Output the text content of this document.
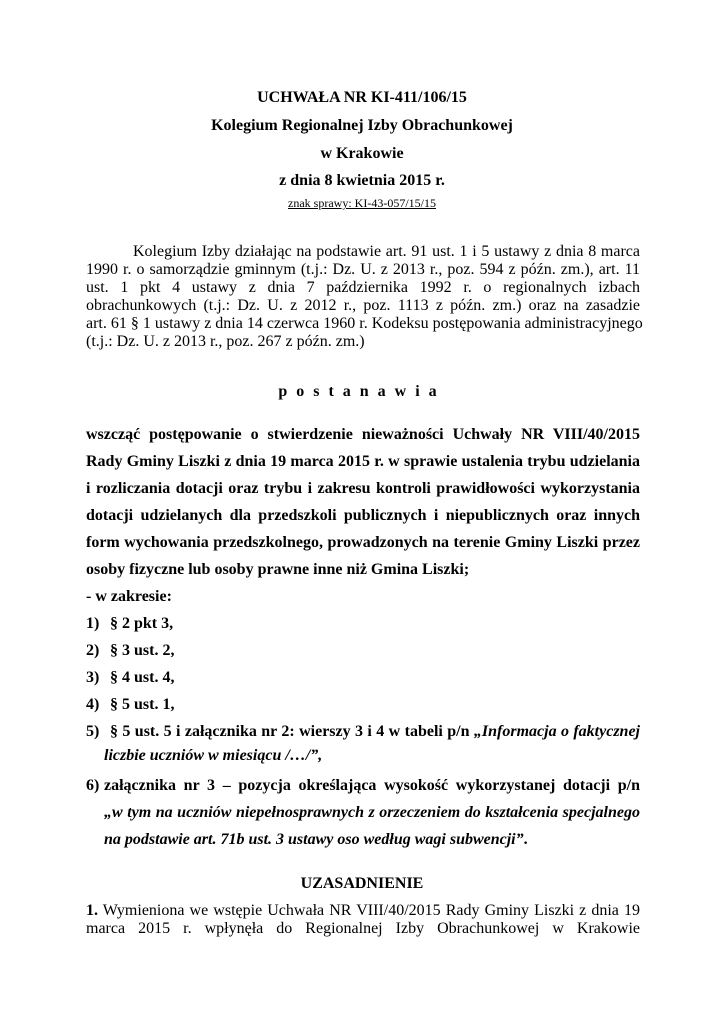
UCHWAŁA NR KI-411/106/15
Kolegium Regionalnej Izby Obrachunkowej
w Krakowie
z dnia 8 kwietnia 2015 r.
znak sprawy: KI-43-057/15/15
Kolegium Izby działając na podstawie art. 91 ust. 1 i 5 ustawy z dnia 8 marca
1990 r. o samorządzie gminnym (t.j.: Dz. U. z 2013 r., poz. 594 z późn. zm.), art. 11
ust. 1 pkt 4 ustawy z dnia 7 października 1992 r. o regionalnych izbach
obrachunkowych (t.j.: Dz. U. z 2012 r., poz. 1113 z późn. zm.) oraz na zasadzie
art. 61 § 1 ustawy z dnia 14 czerwca 1960 r. Kodeksu postępowania administracyjnego
(t.j.: Dz. U. z 2013 r., poz. 267 z późn. zm.)
postanawia
wszcząć postępowanie o stwierdzenie nieważności Uchwały NR VIII/40/2015
Rady Gminy Liszki z dnia 19 marca 2015 r. w sprawie ustalenia trybu udzielania
i rozliczania dotacji oraz trybu i zakresu kontroli prawidłowości wykorzystania
dotacji udzielanych dla przedszkoli publicznych i niepublicznych oraz innych
form wychowania przedszkolnego, prowadzonych na terenie Gminy Liszki przez
osoby fizyczne lub osoby prawne inne niż Gmina Liszki;
- w zakresie:
1) § 2 pkt 3,
2) § 3 ust. 2,
3) § 4 ust. 4,
4) § 5 ust. 1,
5) § 5 ust. 5 i załącznika nr 2: wierszy 3 i 4 w tabeli p/n „Informacja o faktycznej
liczbie uczniów w miesiącu /…/”,
6) załącznika nr 3 – pozycja określająca wysokość wykorzystanej dotacji p/n
„w tym na uczniów niepełnosprawnych z orzeczeniem do kształcenia specjalnego
na podstawie art. 71b ust. 3 ustawy oso według wagi subwencji”.
UZASADNIENIE
1. Wymieniona we wstępie Uchwała NR VIII/40/2015 Rady Gminy Liszki z dnia 19
marca 2015 r. wpłynęła do Regionalnej Izby Obrachunkowej w Krakowie
